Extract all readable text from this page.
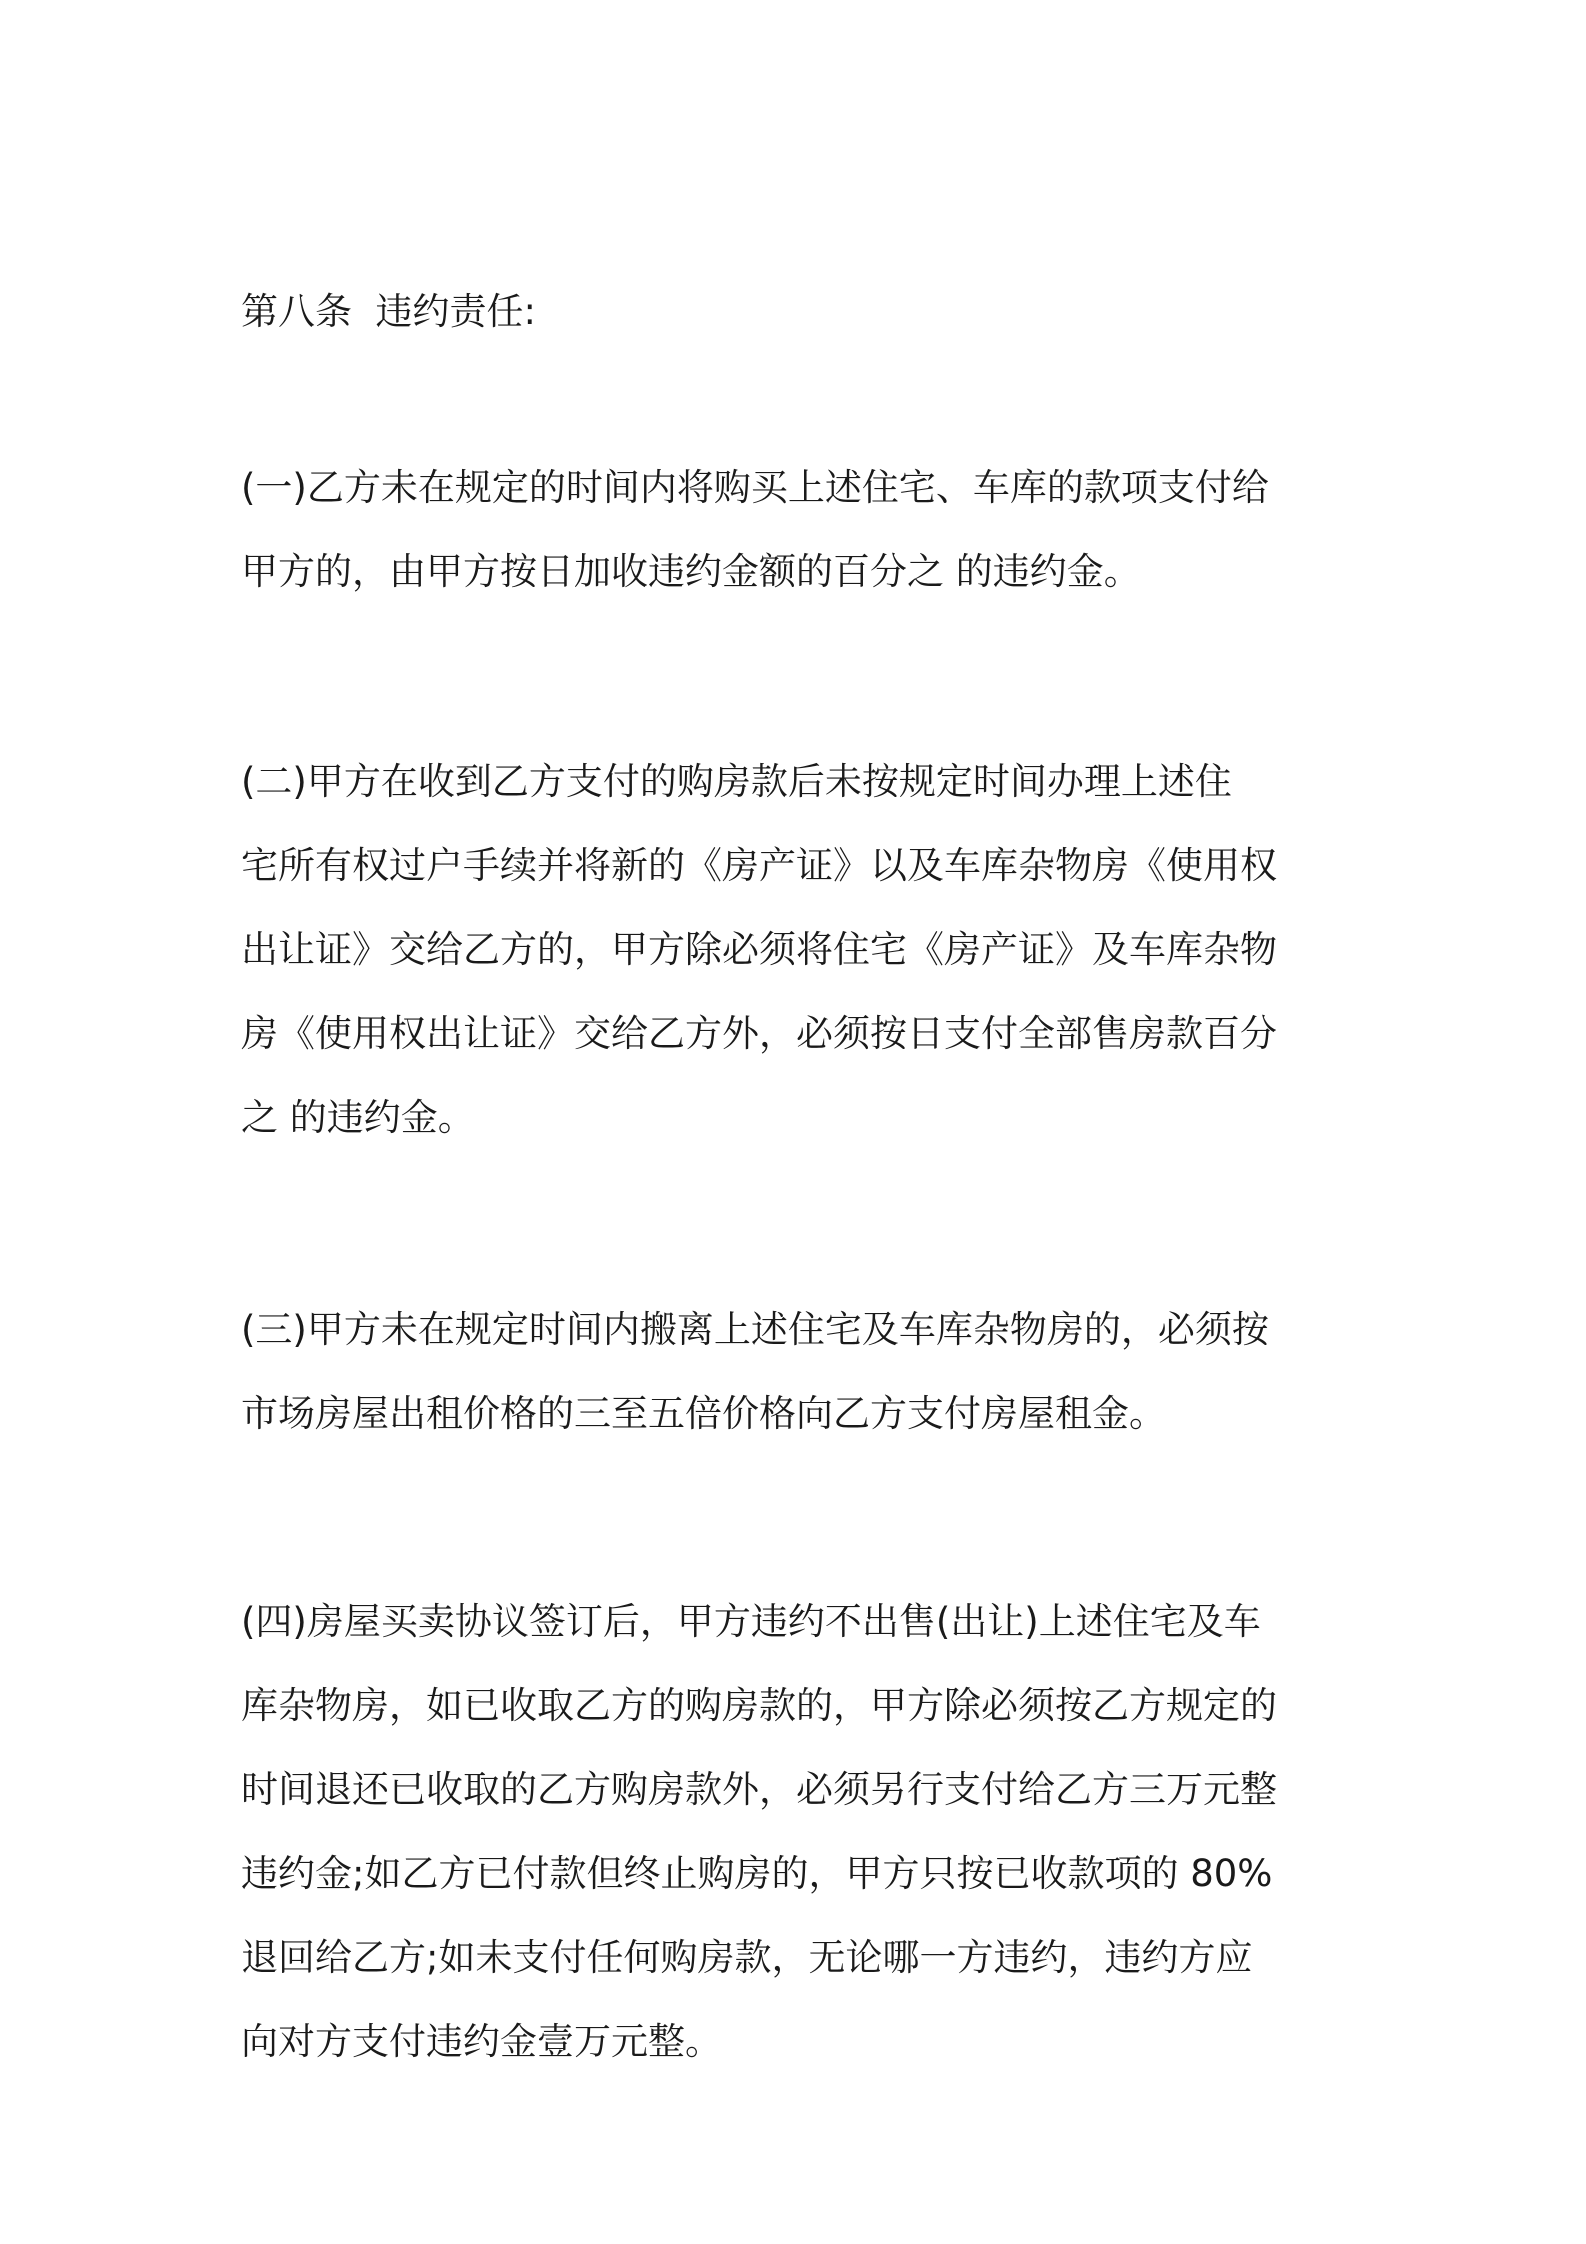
第八条  违约责任:

(一)乙方未在规定的时间内将购买上述住宅、车库的款项支付给
甲方的，由甲方按日加收违约金额的百分之 的违约金。

(二)甲方在收到乙方支付的购房款后未按规定时间办理上述住
宅所有权过户手续并将新的《房产证》以及车库杂物房《使用权
出让证》交给乙方的，甲方除必须将住宅《房产证》及车库杂物
房《使用权出让证》交给乙方外，必须按日支付全部售房款百分
之 的违约金。

(三)甲方未在规定时间内搬离上述住宅及车库杂物房的，必须按
市场房屋出租价格的三至五倍价格向乙方支付房屋租金。

(四)房屋买卖协议签订后，甲方违约不出售(出让)上述住宅及车
库杂物房，如已收取乙方的购房款的，甲方除必须按乙方规定的
时间退还已收取的乙方购房款外，必须另行支付给乙方三万元整
违约金;如乙方已付款但终止购房的，甲方只按已收款项的 80%
退回给乙方;如未支付任何购房款，无论哪一方违约，违约方应
向对方支付违约金壹万元整。
